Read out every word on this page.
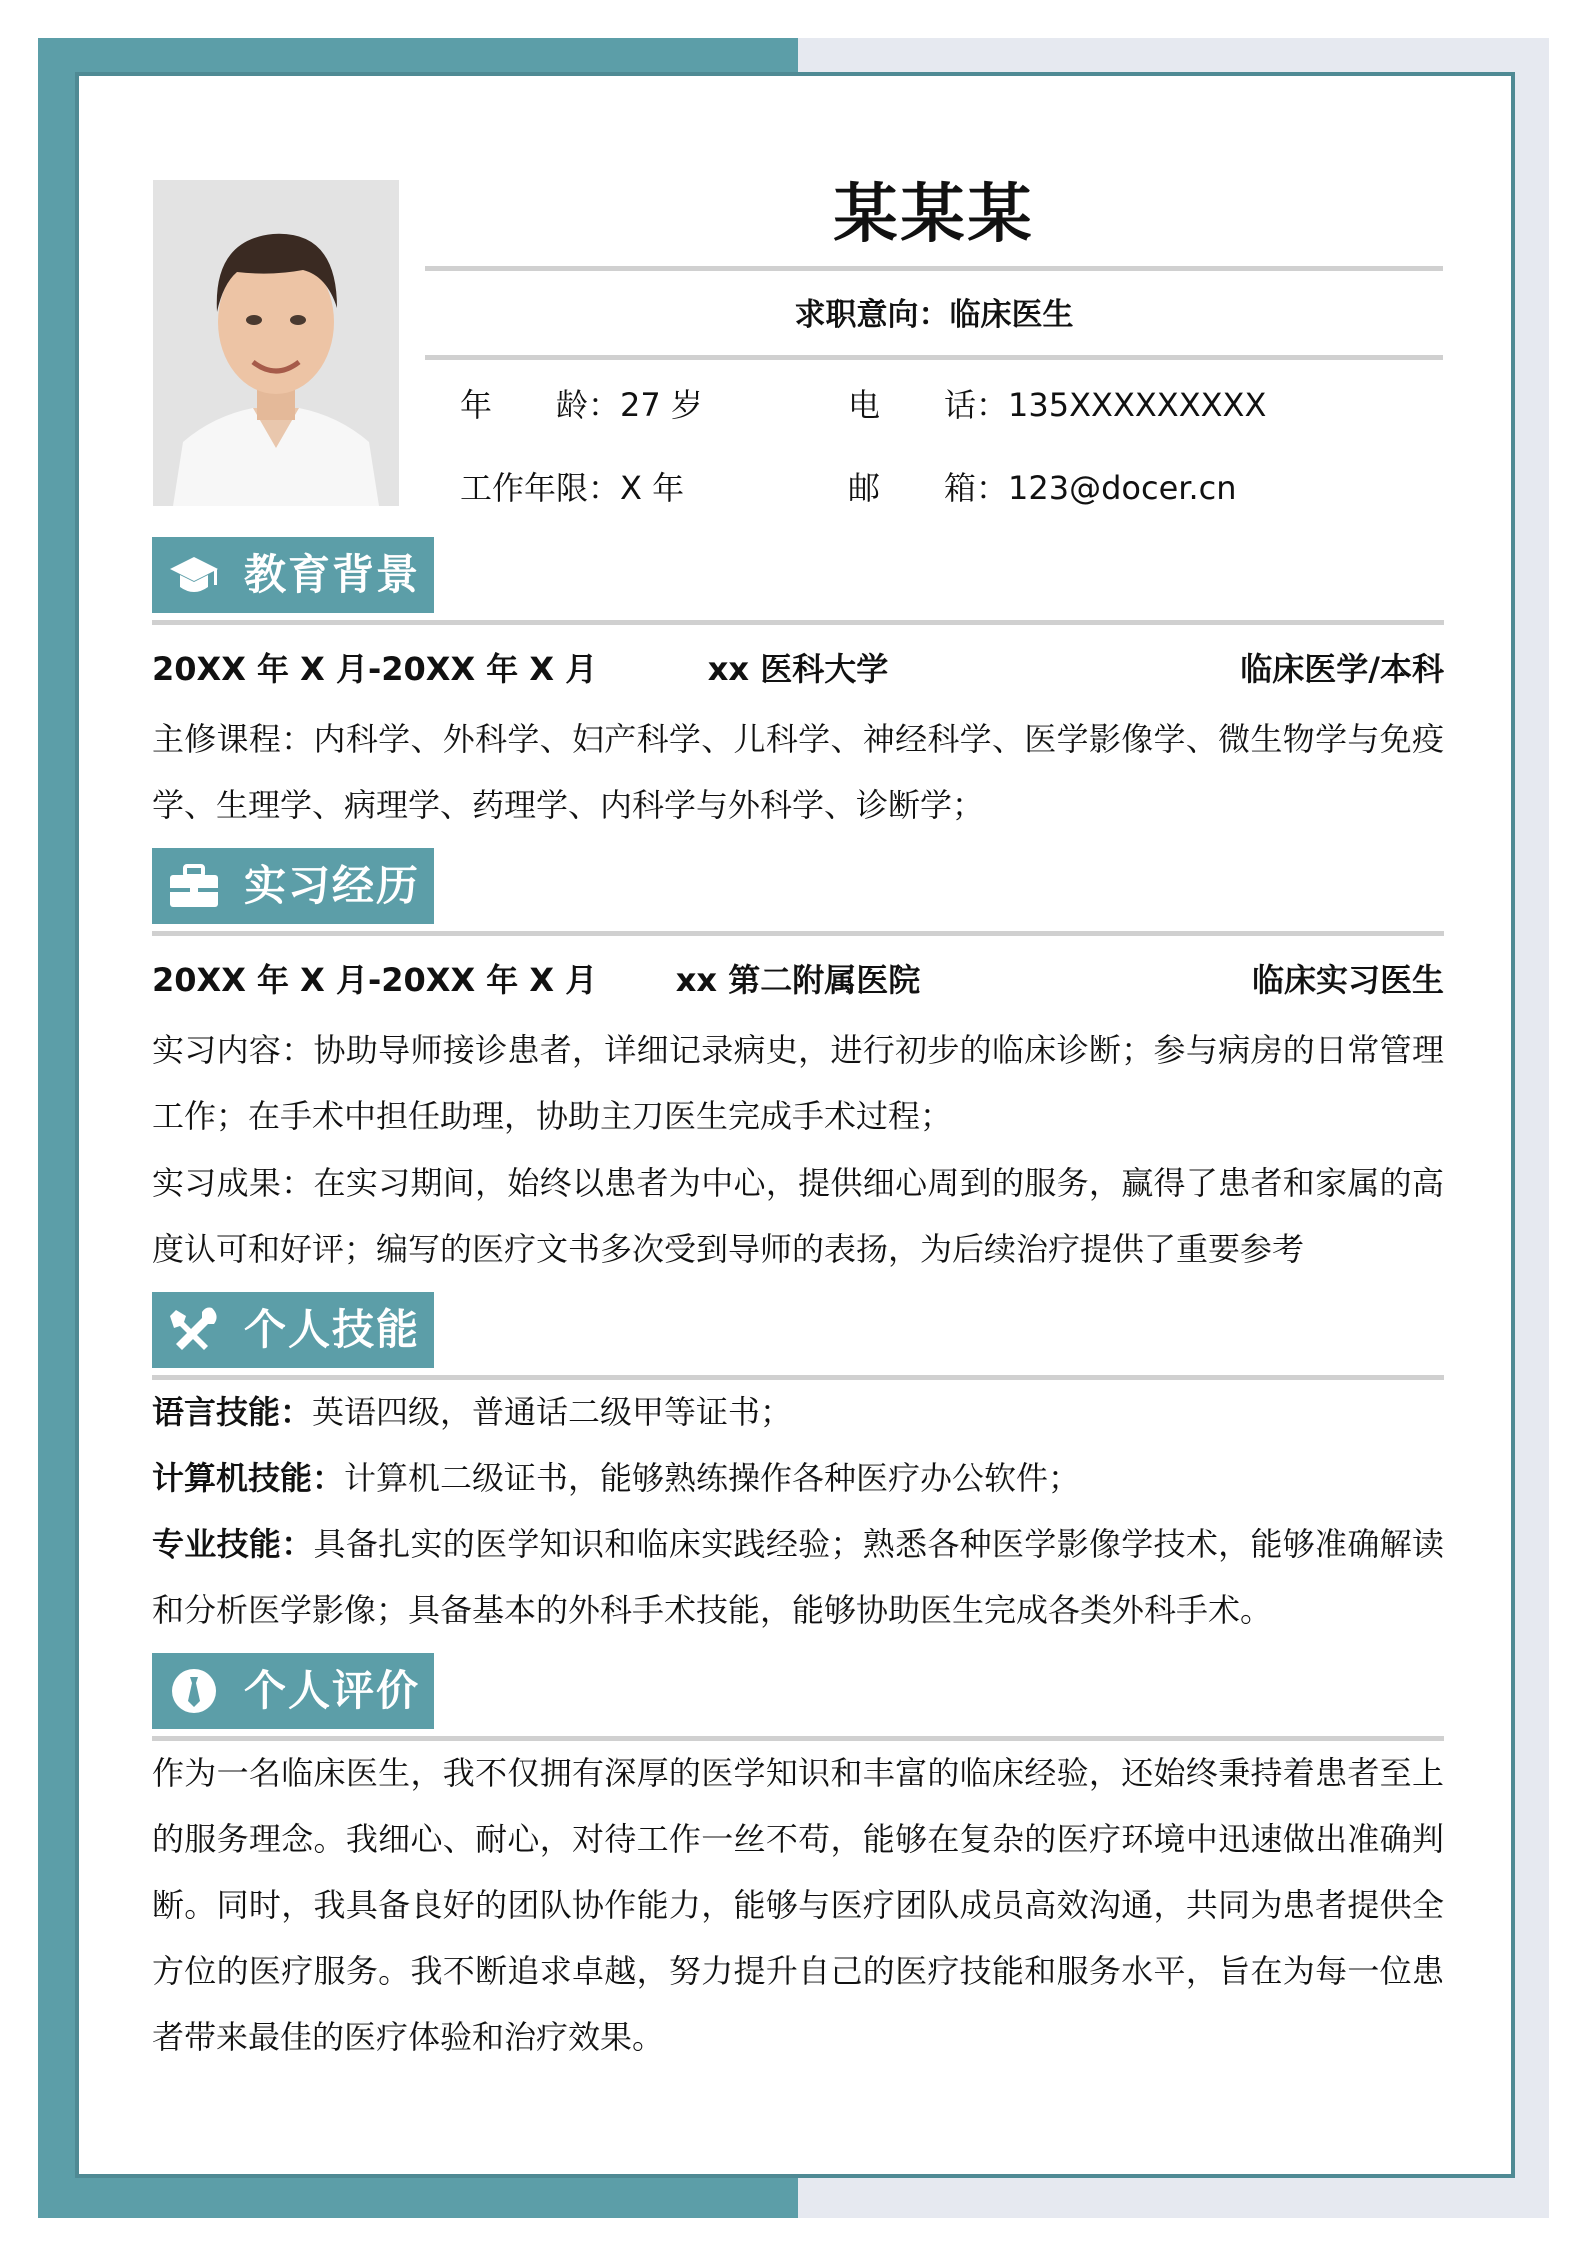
某某某
求职意向：临床医生
年　　龄：27 岁	电　　话：135XXXXXXXXX
工作年限：X 年	邮　　箱：123@docer.cn
教育背景
20XX 年 X 月-20XX 年 X 月	xx 医科大学	临床医学/本科
主修课程：内科学、外科学、妇产科学、儿科学、神经科学、医学影像学、微生物学与免疫学、生理学、病理学、药理学、内科学与外科学、诊断学；
实习经历
20XX 年 X 月-20XX 年 X 月	xx 第二附属医院	临床实习医生
实习内容：协助导师接诊患者，详细记录病史，进行初步的临床诊断；参与病房的日常管理工作；在手术中担任助理，协助主刀医生完成手术过程；
实习成果：在实习期间，始终以患者为中心，提供细心周到的服务，赢得了患者和家属的高度认可和好评；编写的医疗文书多次受到导师的表扬，为后续治疗提供了重要参考
个人技能
语言技能：英语四级，普通话二级甲等证书；
计算机技能：计算机二级证书，能够熟练操作各种医疗办公软件；
专业技能：具备扎实的医学知识和临床实践经验；熟悉各种医学影像学技术，能够准确解读和分析医学影像；具备基本的外科手术技能，能够协助医生完成各类外科手术。
个人评价
作为一名临床医生，我不仅拥有深厚的医学知识和丰富的临床经验，还始终秉持着患者至上的服务理念。我细心、耐心，对待工作一丝不苟，能够在复杂的医疗环境中迅速做出准确判断。同时，我具备良好的团队协作能力，能够与医疗团队成员高效沟通，共同为患者提供全方位的医疗服务。我不断追求卓越，努力提升自己的医疗技能和服务水平，旨在为每一位患者带来最佳的医疗体验和治疗效果。
